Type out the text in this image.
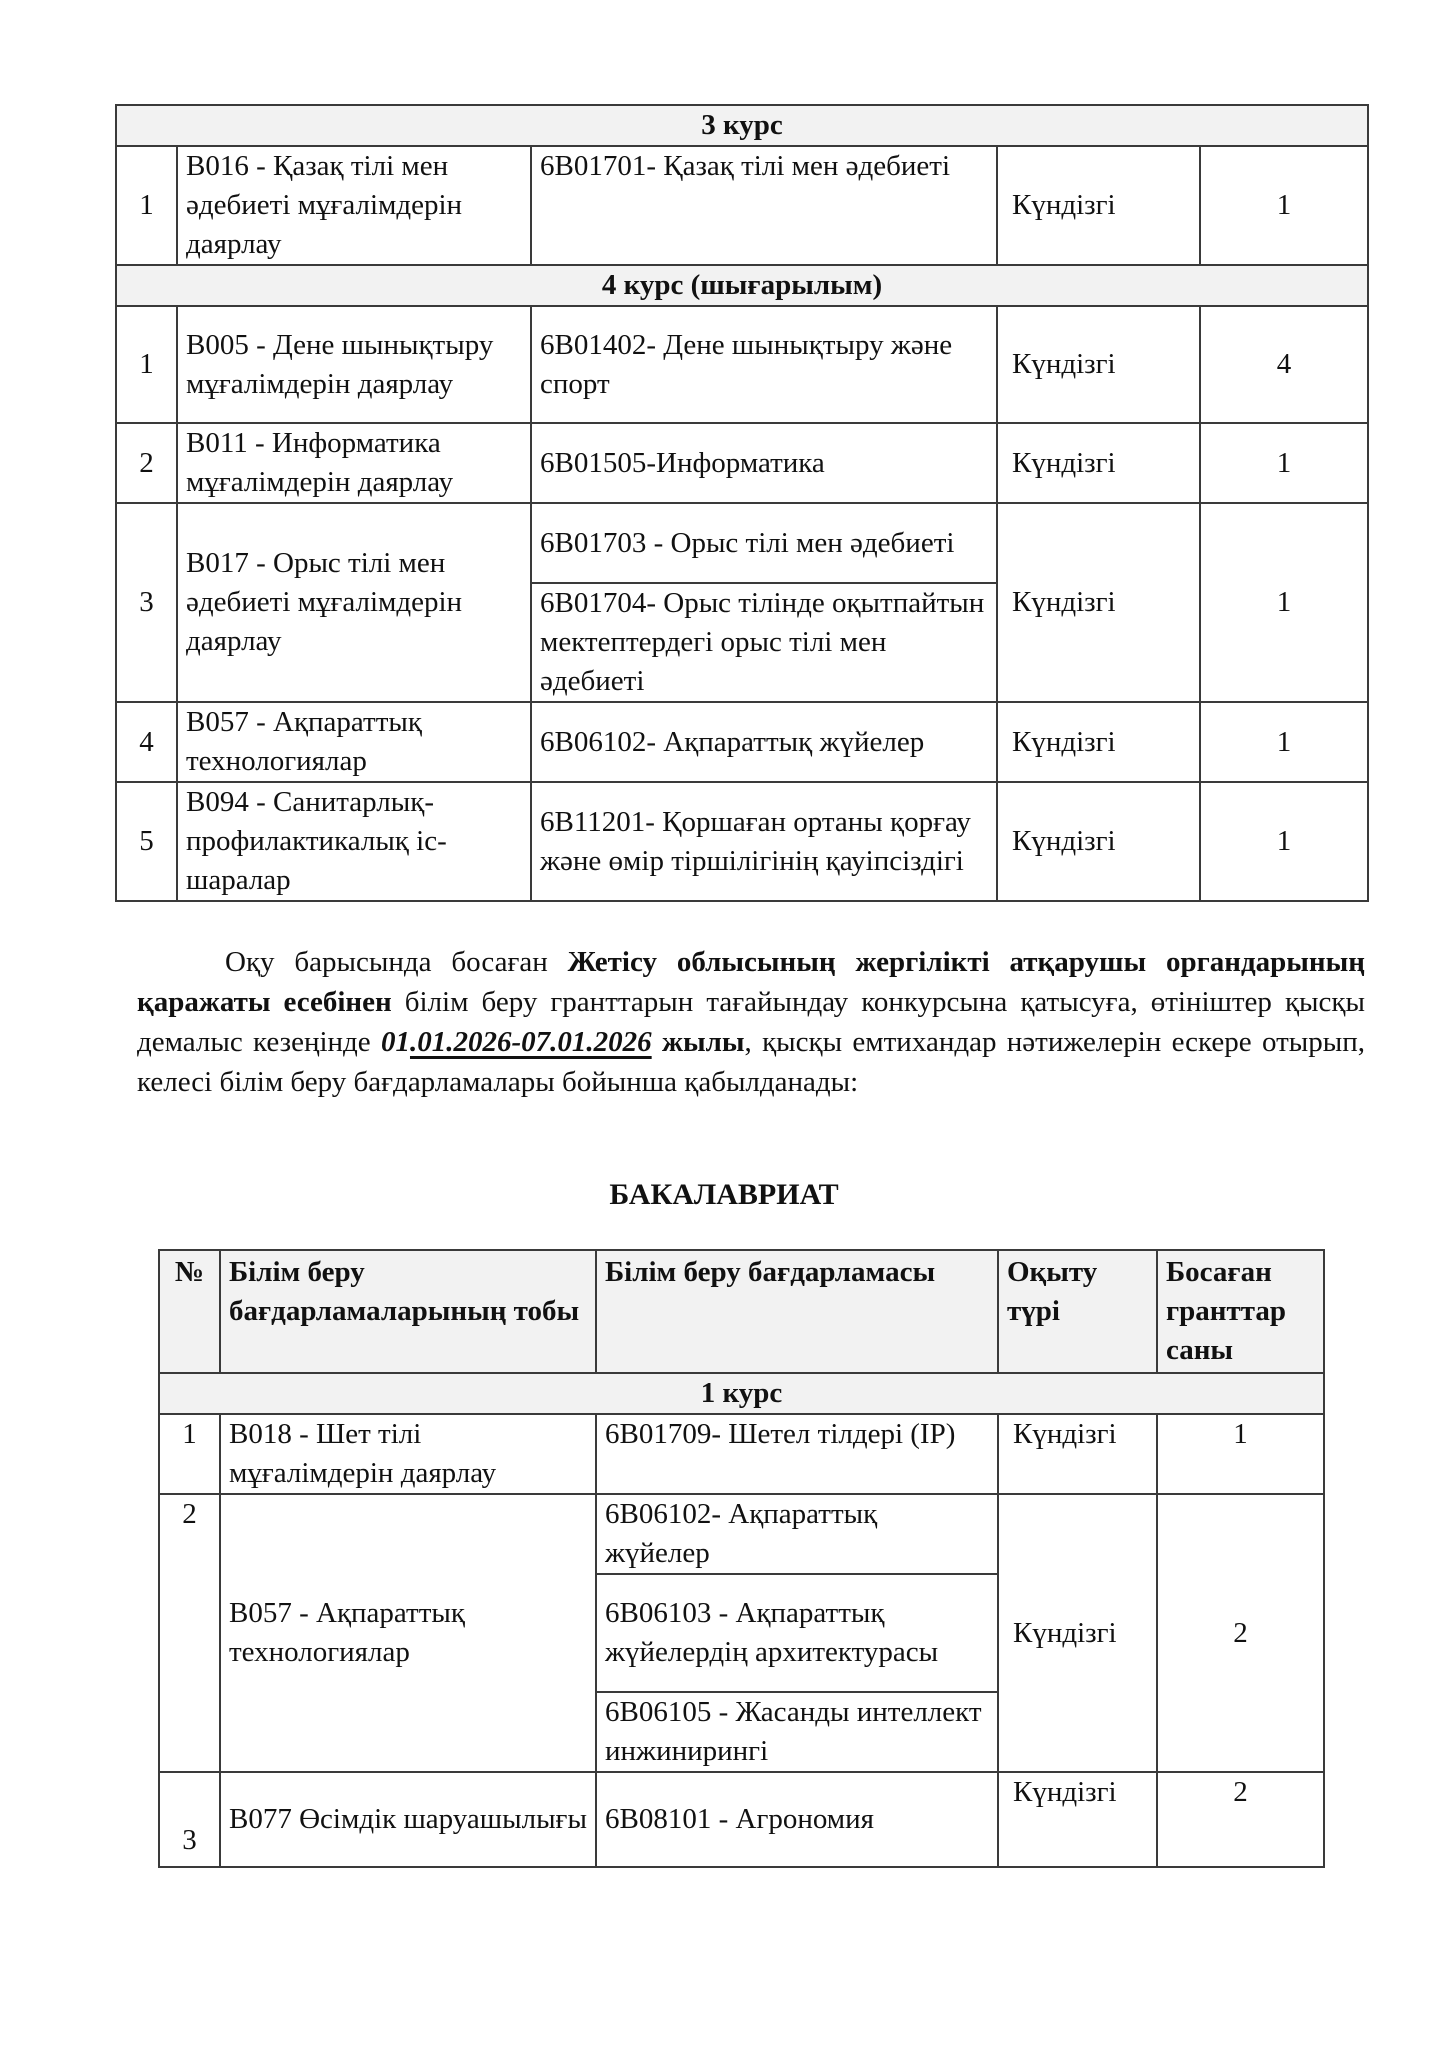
3 курс				
1	В016 - Қазақ тілі мен әдебиеті мұғалімдерін даярлау	6В01701- Қазақ тілі мен әдебиеті	Күндізгі	1
4 курс (шығарылым)				
1	В005 - Дене шынықтыру мұғалімдерін даярлау	6В01402- Дене шынықтыру және спорт	Күндізгі	4
2	В011 - Информатика мұғалімдерін даярлау	6В01505-Информатика	Күндізгі	1
3	В017 - Орыс тілі мен әдебиеті мұғалімдерін даярлау	6В01703 - Орыс тілі мен әдебиеті	Күндізгі	1
		6В01704- Орыс тілінде оқытпайтын мектептердегі орыс тілі мен әдебиеті		
4	В057 - Ақпараттық технологиялар	6В06102- Ақпараттық жүйелер	Күндізгі	1
5	В094 - Санитарлық-профилактикалық іс-шаралар	6В11201- Қоршаған ортаны қорғау және өмір тіршілігінің қауіпсіздігі	Күндізгі	1
Оқу барысында босаған Жетісу облысының жергілікті атқарушы органдарының қаражаты есебінен білім беру гранттарын тағайындау конкурсына қатысуға, өтініштер қысқы демалыс кезеңінде 01.01.2026-07.01.2026 жылы, қысқы емтихандар нәтижелерін ескере отырып, келесі білім беру бағдарламалары бойынша қабылданады:
БАКАЛАВРИАТ
№	Білім беру бағдарламаларының тобы	Білім беру бағдарламасы	Оқыту түрі	Босаған гранттар саны
1 курс				
1	В018 - Шет тілі мұғалімдерін даярлау	6В01709- Шетел тілдері (IP)	Күндізгі	1
2	В057 - Ақпараттық технологиялар	6В06102- Ақпараттық жүйелер	Күндізгі	2
		6В06103 - Ақпараттық жүйелердің архитектурасы		
		6В06105 - Жасанды интеллект инжинирингі		
3	В077 Өсімдік шаруашылығы	6В08101 - Агрономия	Күндізгі	2
